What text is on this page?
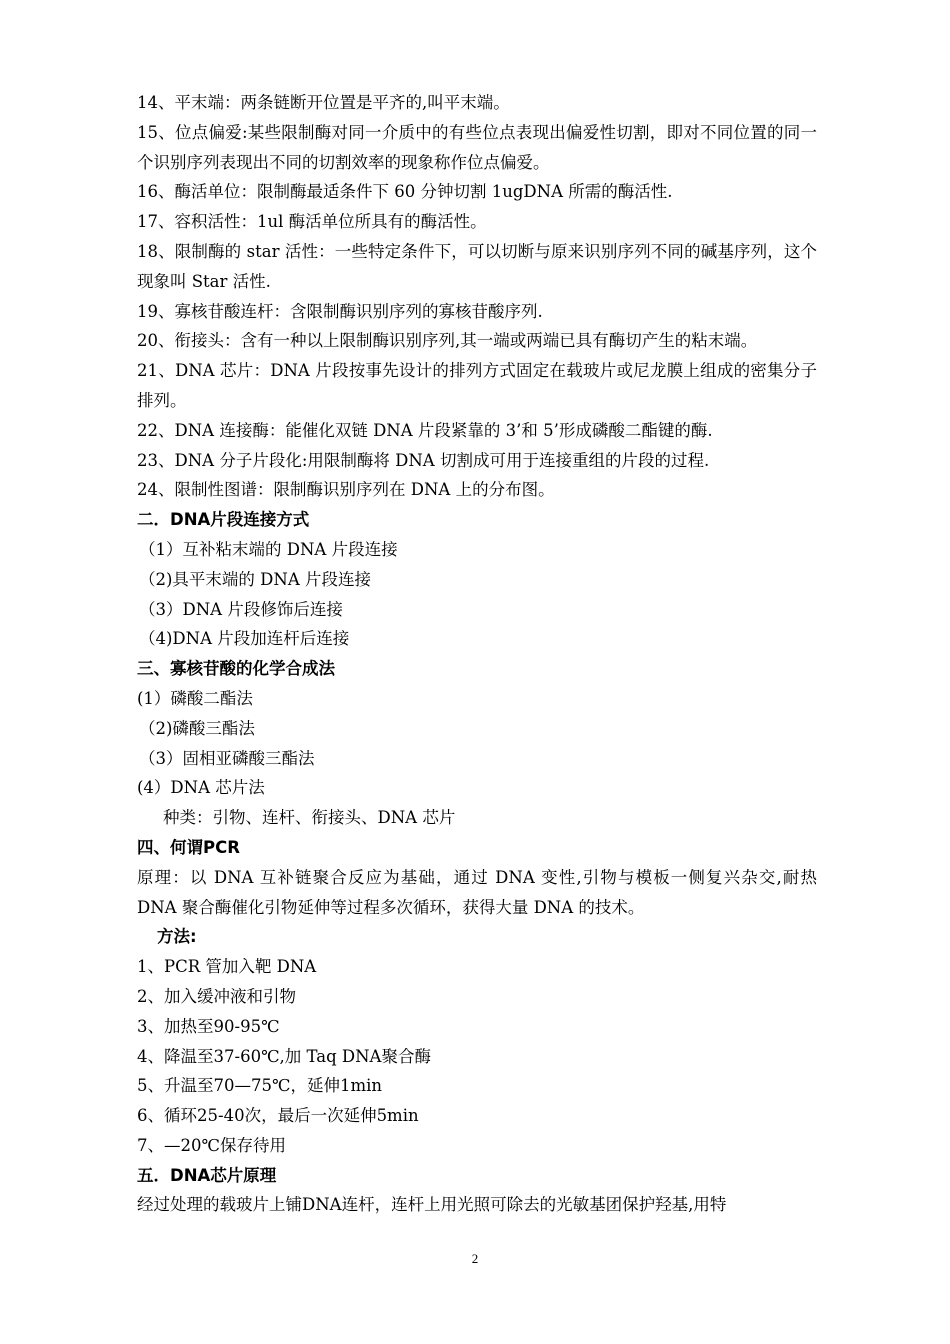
14、平末端：两条链断开位置是平齐的,叫平末端。

15、位点偏爱:某些限制酶对同一介质中的有些位点表现出偏爱性切割，即对不同位置的同一个识别序列表现出不同的切割效率的现象称作位点偏爱。

16、酶活单位：限制酶最适条件下 60 分钟切割 1ugDNA 所需的酶活性.

17、容积活性：1ul 酶活单位所具有的酶活性。

18、限制酶的 star 活性：一些特定条件下，可以切断与原来识别序列不同的碱基序列，这个现象叫 Star 活性.

19、寡核苷酸连杆：含限制酶识别序列的寡核苷酸序列.

20、衔接头：含有一种以上限制酶识别序列,其一端或两端已具有酶切产生的粘末端。

21、DNA 芯片：DNA 片段按事先设计的排列方式固定在载玻片或尼龙膜上组成的密集分子排列。

22、DNA 连接酶：能催化双链 DNA 片段紧靠的 3’和 5’形成磷酸二酯键的酶.

23、DNA 分子片段化:用限制酶将 DNA 切割成可用于连接重组的片段的过程.

24、限制性图谱：限制酶识别序列在 DNA 上的分布图。

二．DNA片段连接方式

（1）互补粘末端的 DNA 片段连接

（2)具平末端的 DNA 片段连接

（3）DNA 片段修饰后连接

（4)DNA 片段加连杆后连接

三、寡核苷酸的化学合成法

(1）磷酸二酯法

（2)磷酸三酯法

（3）固相亚磷酸三酯法

(4）DNA 芯片法

种类：引物、连杆、衔接头、DNA 芯片

四、何谓PCR

原理：以 DNA 互补链聚合反应为基础，通过 DNA 变性,引物与模板一侧复兴杂交,耐热 DNA 聚合酶催化引物延伸等过程多次循环，获得大量 DNA 的技术。

方法:

1、PCR 管加入靶 DNA

2、加入缓冲液和引物

3、加热至90-95℃

4、降温至37-60℃,加 Taq DNA聚合酶

5、升温至70—75℃，延伸1min

6、循环25-40次，最后一次延伸5min

7、—20℃保存待用

五．DNA芯片原理

经过处理的载玻片上铺DNA连杆，连杆上用光照可除去的光敏基团保护羟基,用特

2
